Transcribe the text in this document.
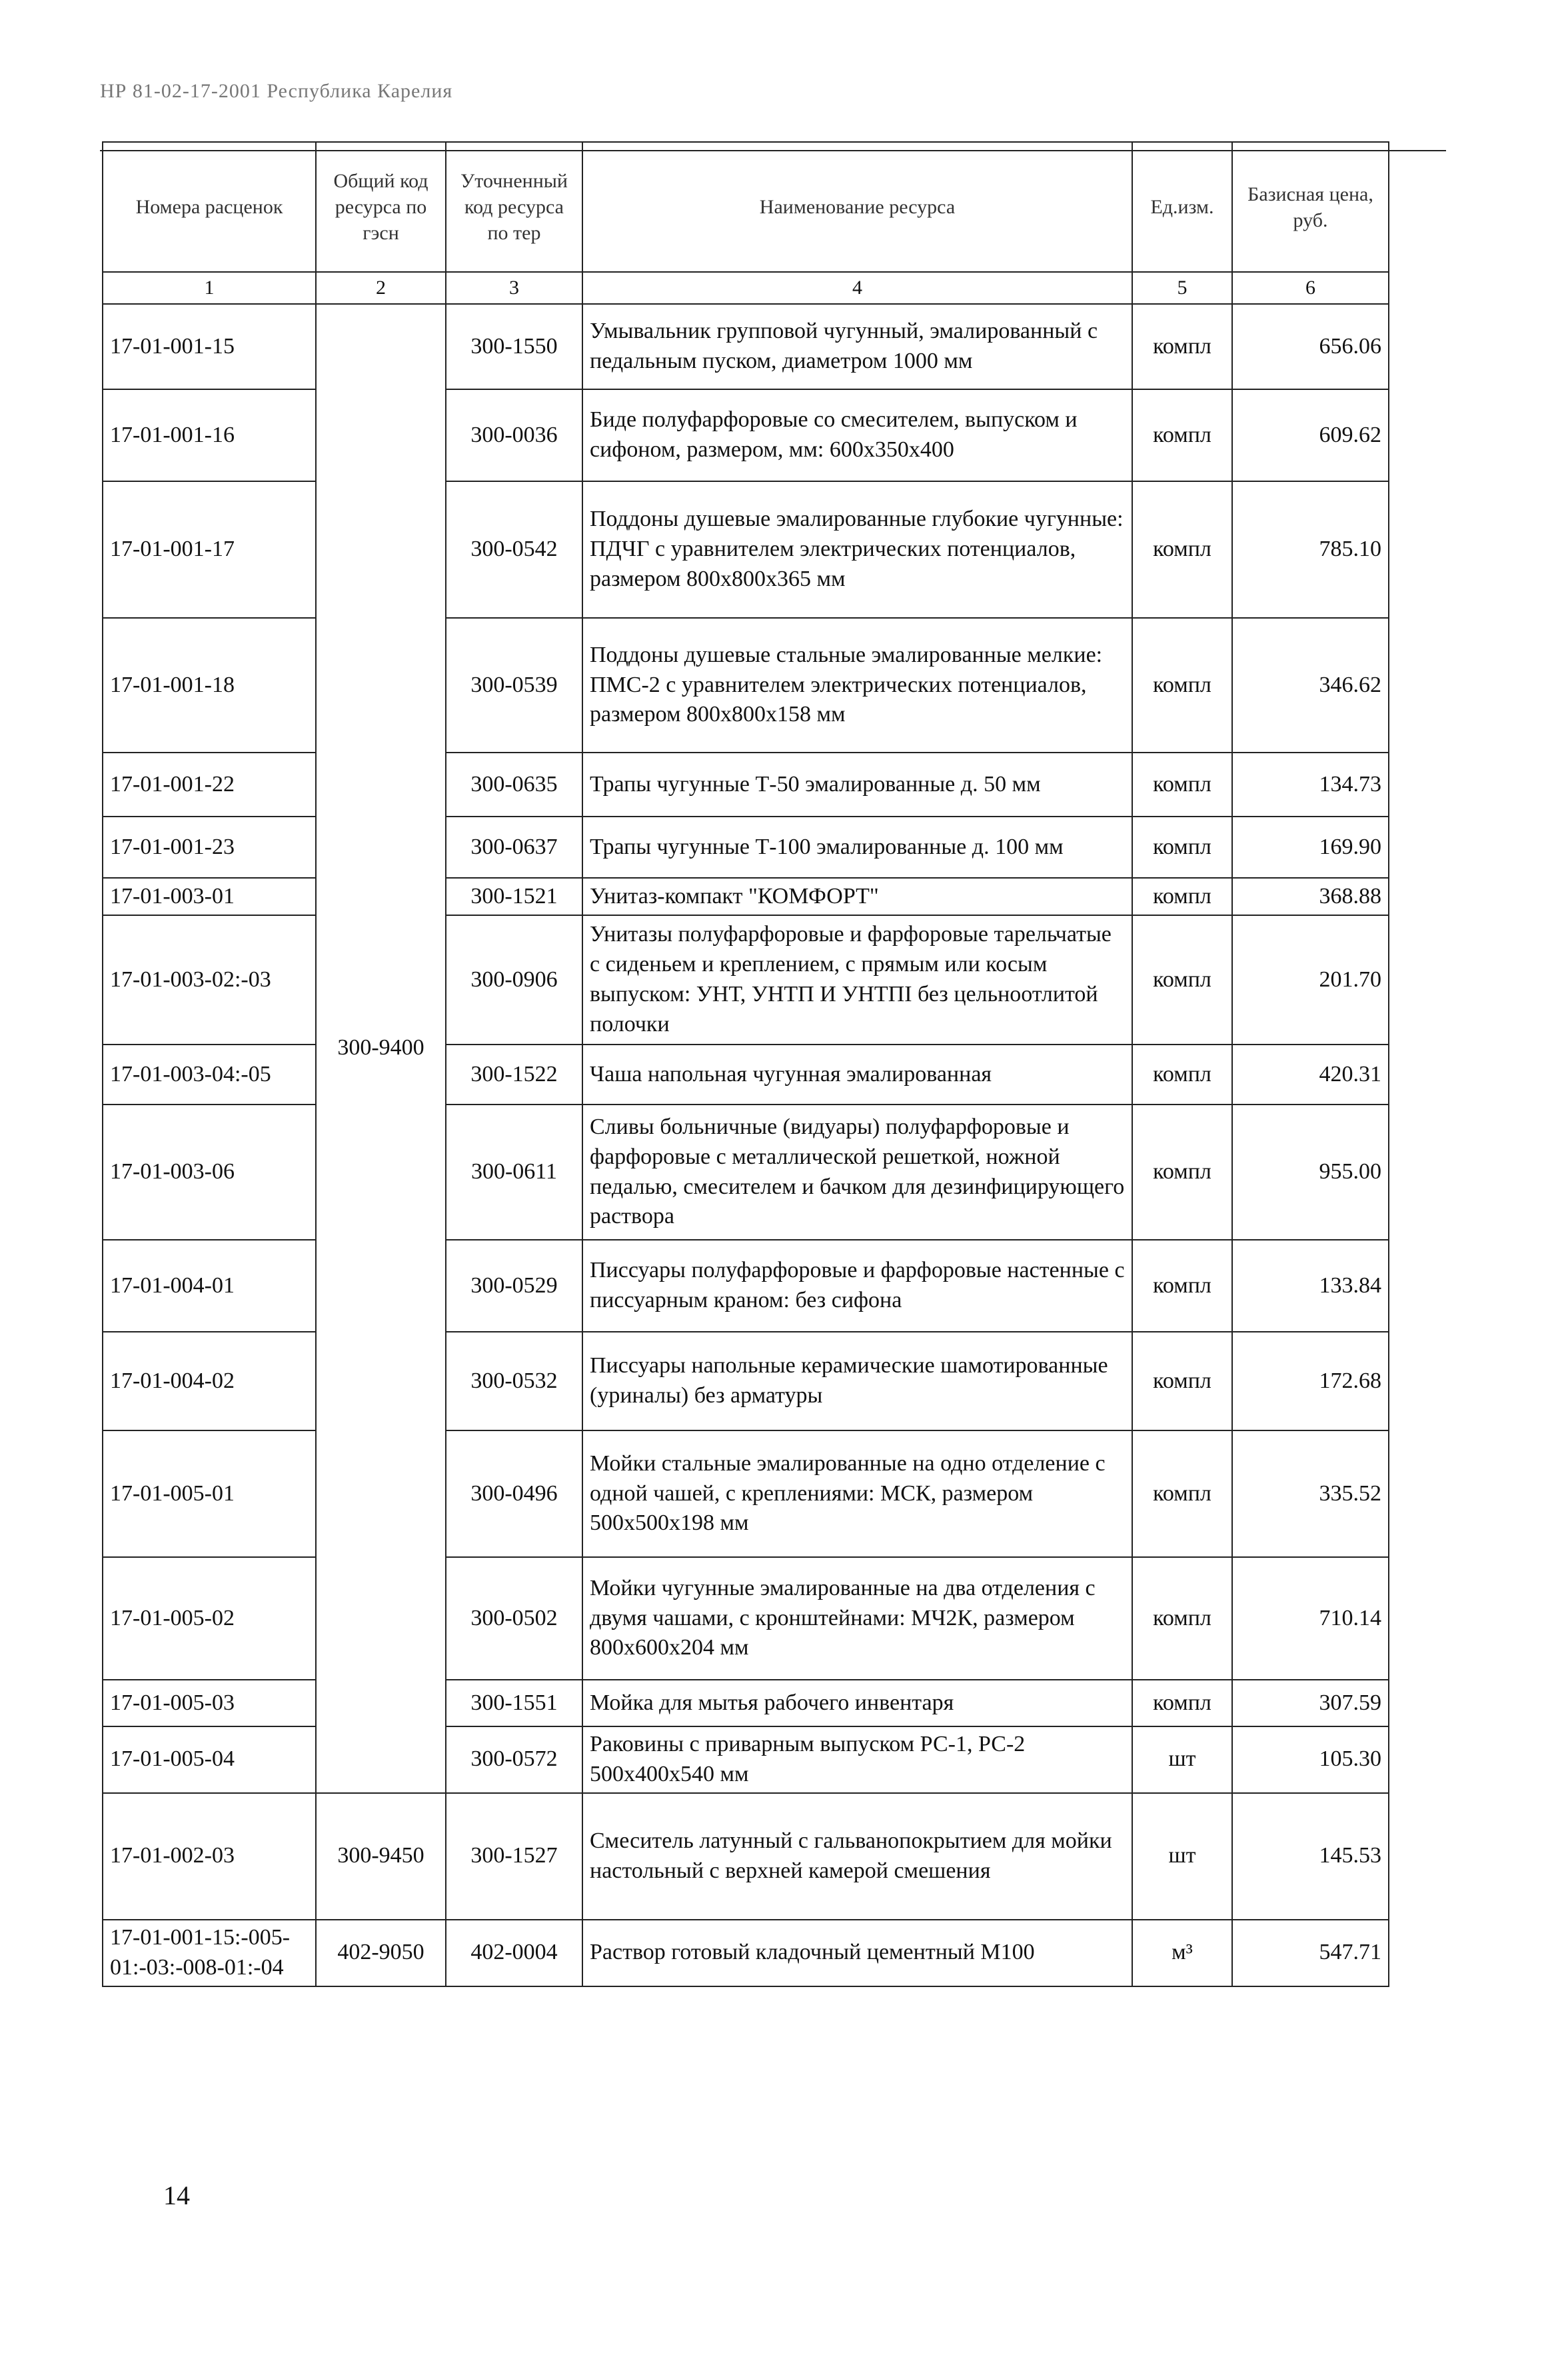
НР 81-02-17-2001 Республика Карелия
Номера расценок	Общий код ресурса по гэсн	Уточненный код ресурса по тер	Наименование ресурса	Ед.изм.	Базисная цена, руб.
1	2	3	4	5	6
17-01-001-15	300-9400	300-1550	Умывальник групповой чугунный, эмалированный с педальным пуском, диаметром 1000 мм	компл	656.06
17-01-001-16		300-0036	Биде полуфарфоровые со смесителем, выпуском и сифоном, размером, мм: 600x350x400	компл	609.62
17-01-001-17		300-0542	Поддоны душевые эмалированные глубокие чугунные: ПДЧГ с уравнителем электрических потенциалов, размером 800x800x365 мм	компл	785.10
17-01-001-18		300-0539	Поддоны душевые стальные эмалированные мелкие: ПМС-2 с уравнителем электрических потенциалов, размером 800x800x158 мм	компл	346.62
17-01-001-22		300-0635	Трапы чугунные Т-50 эмалированные д. 50 мм	компл	134.73
17-01-001-23		300-0637	Трапы чугунные Т-100 эмалированные д. 100 мм	компл	169.90
17-01-003-01		300-1521	Унитаз-компакт "КОМФОРТ"	компл	368.88
17-01-003-02:-03		300-0906	Унитазы полуфарфоровые и фарфоровые тарельчатые с сиденьем и креплением, с прямым или косым выпуском: УНТ, УНТП И УНТПI без цельноотлитой полочки	компл	201.70
17-01-003-04:-05		300-1522	Чаша напольная чугунная эмалированная	компл	420.31
17-01-003-06		300-0611	Сливы больничные (видуары) полуфарфоровые и фарфоровые с металлической решеткой, ножной педалью, смесителем и бачком для дезинфицирующего раствора	компл	955.00
17-01-004-01		300-0529	Писсуары полуфарфоровые и фарфоровые настенные с писсуарным краном: без сифона	компл	133.84
17-01-004-02		300-0532	Писсуары напольные керамические шамотированные (уриналы) без арматуры	компл	172.68
17-01-005-01		300-0496	Мойки стальные эмалированные на одно отделение с одной чашей, с креплениями: МСК, размером 500x500x198 мм	компл	335.52
17-01-005-02		300-0502	Мойки чугунные эмалированные на два отделения с двумя чашами, с кронштейнами: МЧ2К, размером 800x600x204 мм	компл	710.14
17-01-005-03		300-1551	Мойка для мытья рабочего инвентаря	компл	307.59
17-01-005-04		300-0572	Раковины с приварным выпуском РС-1, РС-2 500x400x540 мм	шт	105.30
17-01-002-03	300-9450	300-1527	Смеситель латунный с гальванопокрытием для мойки настольный с верхней камерой смешения	шт	145.53
17-01-001-15:-005-01:-03:-008-01:-04	402-9050	402-0004	Раствор готовый кладочный цементный М100	м³	547.71
14
